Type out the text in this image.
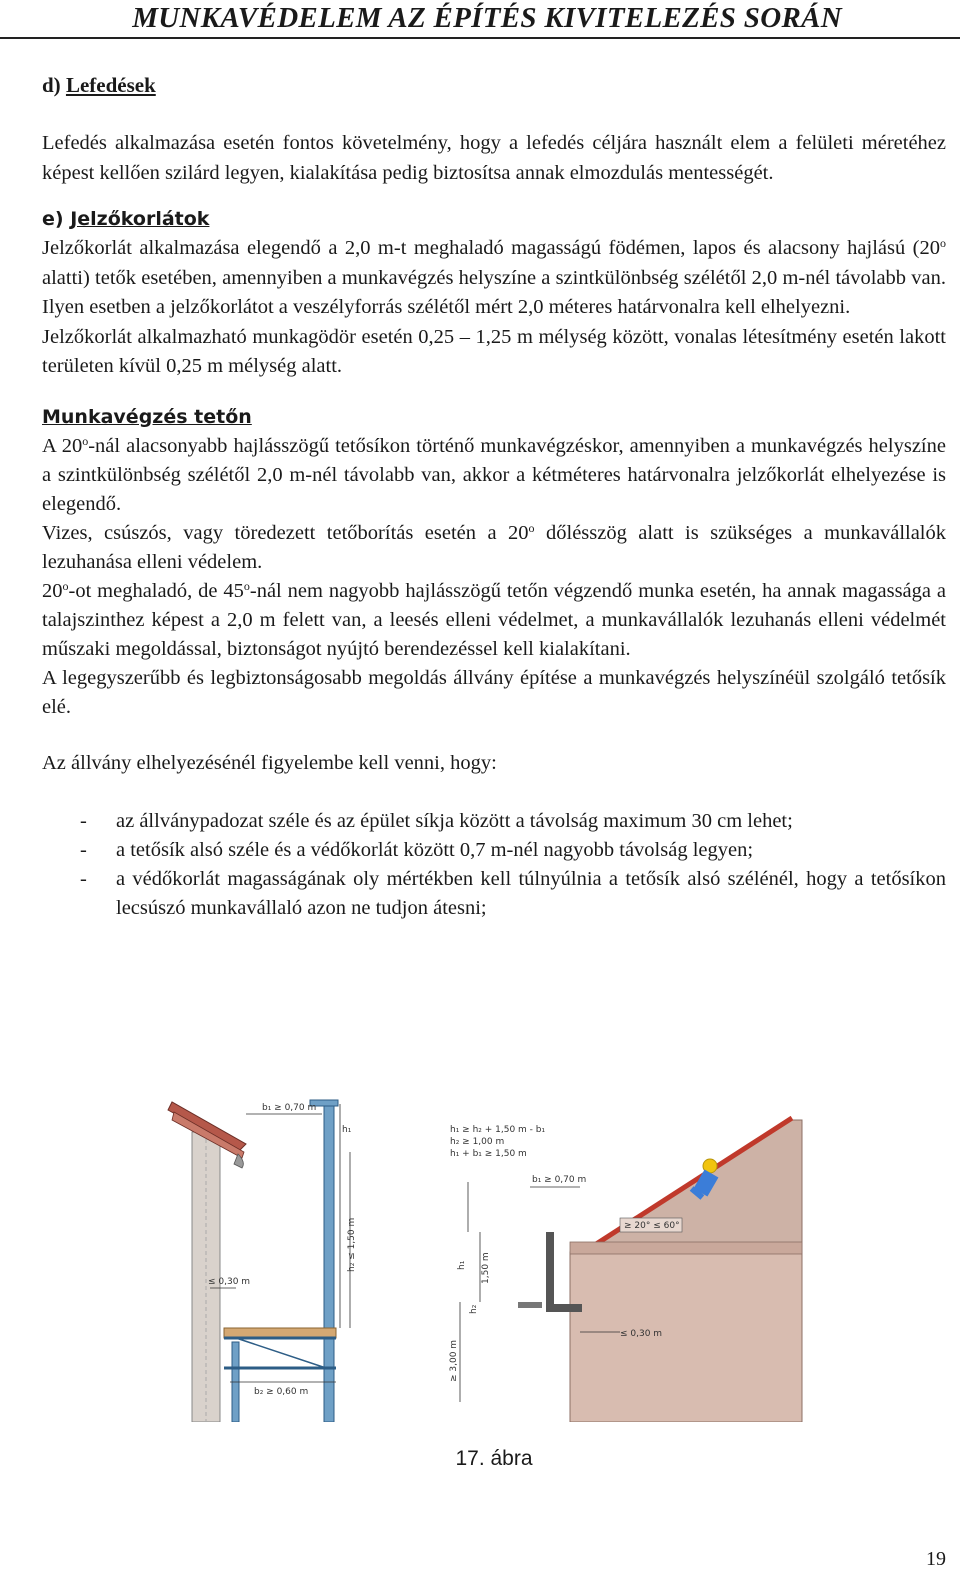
MUNKAVÉDELEM AZ ÉPÍTÉS KIVITELEZÉS SORÁN

d) Lefedések

Lefedés alkalmazása esetén fontos követelmény, hogy a lefedés céljára használt elem a felületi méretéhez képest kellően szilárd legyen, kialakítása pedig biztosítsa annak elmozdulás mentességét.

e) Jelzőkorlátok

Jelzőkorlát alkalmazása elegendő a 2,0 m-t meghaladó magasságú födémen, lapos és alacsony hajlású (20$^o$ alatti) tetők esetében, amennyiben a munkavégzés helyszíne a szintkülönbség szélétől 2,0 m-nél távolabb van. Ilyen esetben a jelzőkorlátot a veszélyforrás szélétől mért 2,0 méteres határvonalra kell elhelyezni.

Jelzőkorlát alkalmazható munkagödör esetén 0,25 – 1,25 m mélység között, vonalas létesítmény esetén lakott területen kívül 0,25 m mélység alatt.

Munkavégzés tetőn

A 20$^o$-nál alacsonyabb hajlásszögű tetősíkon történő munkavégzéskor, amennyiben a munkavégzés helyszíne a szintkülönbség szélétől 2,0 m-nél távolabb van, akkor a kétméteres határvonalra jelzőkorlát elhelyezése is elegendő.

Vizes, csúszós, vagy töredezett tetőborítás esetén a 20$^o$ dőlésszög alatt is szükséges a munkavállalók lezuhanása elleni védelem.

20$^o$-ot meghaladó, de 45$^o$-nál nem nagyobb hajlásszögű tetőn végzendő munka esetén, ha annak magassága a talajszinthez képest a 2,0 m felett van, a leesés elleni védelmet, a munkavállalók lezuhanás elleni védelmét műszaki megoldással, biztonságot nyújtó berendezéssel kell kialakítani.

A legegyszerűbb és legbiztonságosabb megoldás állvány építése a munkavégzés helyszínéül szolgáló tetősík elé.

Az állvány elhelyezésénél figyelembe kell venni, hogy:

- az állványpadozat széle és az épület síkja között a távolság maximum 30 cm lehet;
- a tetősík alsó széle és a védőkorlát között 0,7 m-nél nagyobb távolság legyen;
- a védőkorlát magasságának oly mértékben kell túlnyúlnia a tetősík alsó szélénél, hogy a tetősíkon lecsúszó munkavállaló azon ne tudjon átesni;
b₁ ≥ 0,70 m
h₁
h₂ ≤ 1,50 m
≤ 0,30 m
b₂ ≥ 0,60 m
h₁ ≥ h₂ + 1,50 m - b₁
h₂ ≥ 1,00 m
h₁ + b₁ ≥ 1,50 m
b₁ ≥ 0,70 m
≥ 20° ≤ 60°
h₁ 1,50 m
h₂
≥ 3,00 m
≤ 0,30 m
17. ábra
19
